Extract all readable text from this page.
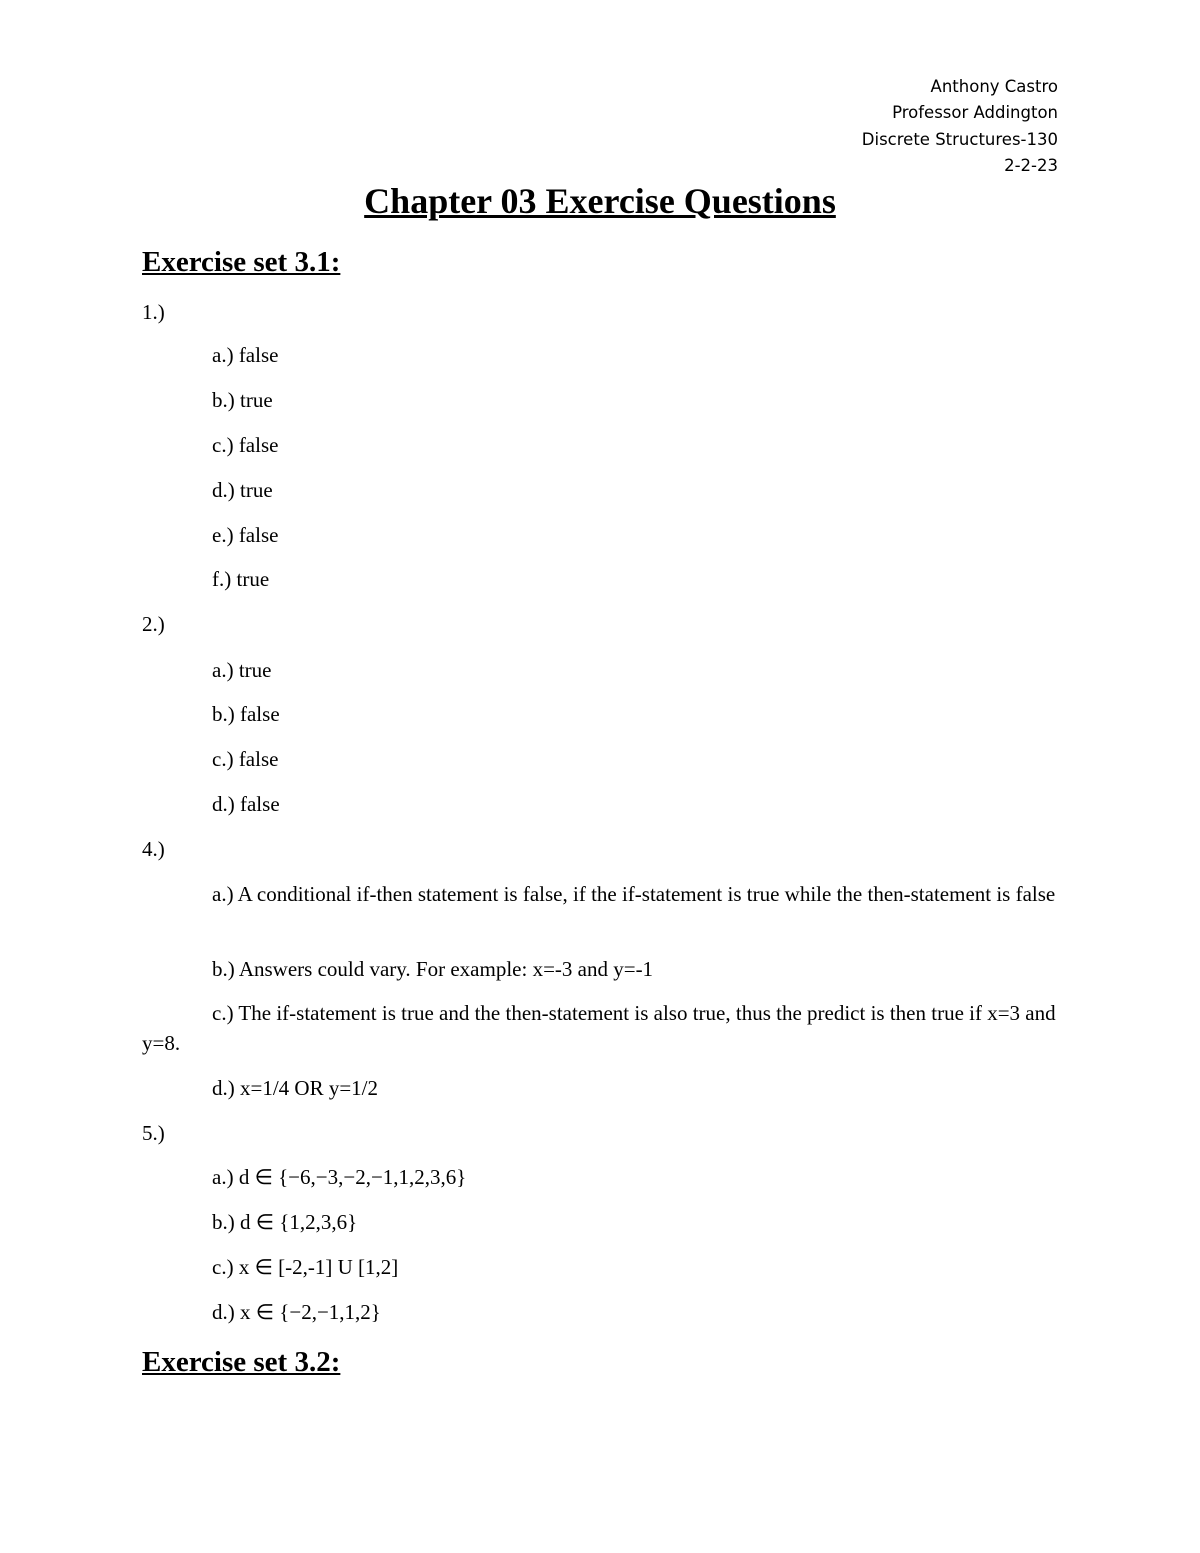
Anthony Castro
Professor Addington
Discrete Structures-130
2-2-23
Chapter 03 Exercise Questions
Exercise set 3.1:
1.)
a.) false
b.) true
c.) false
d.) true
e.) false
f.) true
2.)
a.) true
b.) false
c.) false
d.) false
4.)
a.) A conditional if-then statement is false, if the if-statement is true while the then-statement is false
b.) Answers could vary. For example: x=-3 and y=-1
c.) The if-statement is true and the then-statement is also true, thus the predict is then true if x=3 and y=8.
d.) x=1/4 OR y=1/2
5.)
a.) d ∈ {−6,−3,−2,−1,1,2,3,6}
b.) d ∈ {1,2,3,6}
c.) x ∈ [-2,-1] U [1,2]
d.) x ∈ {−2,−1,1,2}
Exercise set 3.2:
